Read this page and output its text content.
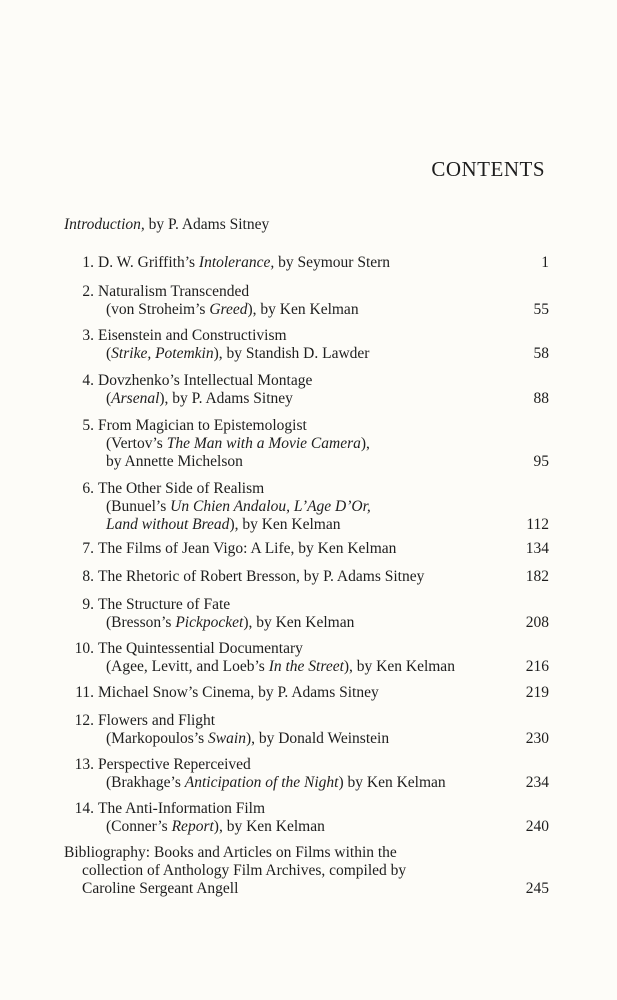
CONTENTS
Introduction, by P. Adams Sitney
1. D. W. Griffith’s Intolerance, by Seymour Stern	1
2. Naturalism Transcended
(von Stroheim’s Greed), by Ken Kelman	55
3. Eisenstein and Constructivism
(Strike, Potemkin), by Standish D. Lawder	58
4. Dovzhenko’s Intellectual Montage
(Arsenal), by P. Adams Sitney	88
5. From Magician to Epistemologist
(Vertov’s The Man with a Movie Camera),
by Annette Michelson	95
6. The Other Side of Realism
(Bunuel’s Un Chien Andalou, L’Age D’Or,
Land without Bread), by Ken Kelman	112
7. The Films of Jean Vigo: A Life, by Ken Kelman	134
8. The Rhetoric of Robert Bresson, by P. Adams Sitney	182
9. The Structure of Fate
(Bresson’s Pickpocket), by Ken Kelman	208
10. The Quintessential Documentary
(Agee, Levitt, and Loeb’s In the Street), by Ken Kelman	216
11. Michael Snow’s Cinema, by P. Adams Sitney	219
12. Flowers and Flight
(Markopoulos’s Swain), by Donald Weinstein	230
13. Perspective Reperceived
(Brakhage’s Anticipation of the Night) by Ken Kelman	234
14. The Anti-Information Film
(Conner’s Report), by Ken Kelman	240
Bibliography: Books and Articles on Films within the
collection of Anthology Film Archives, compiled by
Caroline Sergeant Angell	245
